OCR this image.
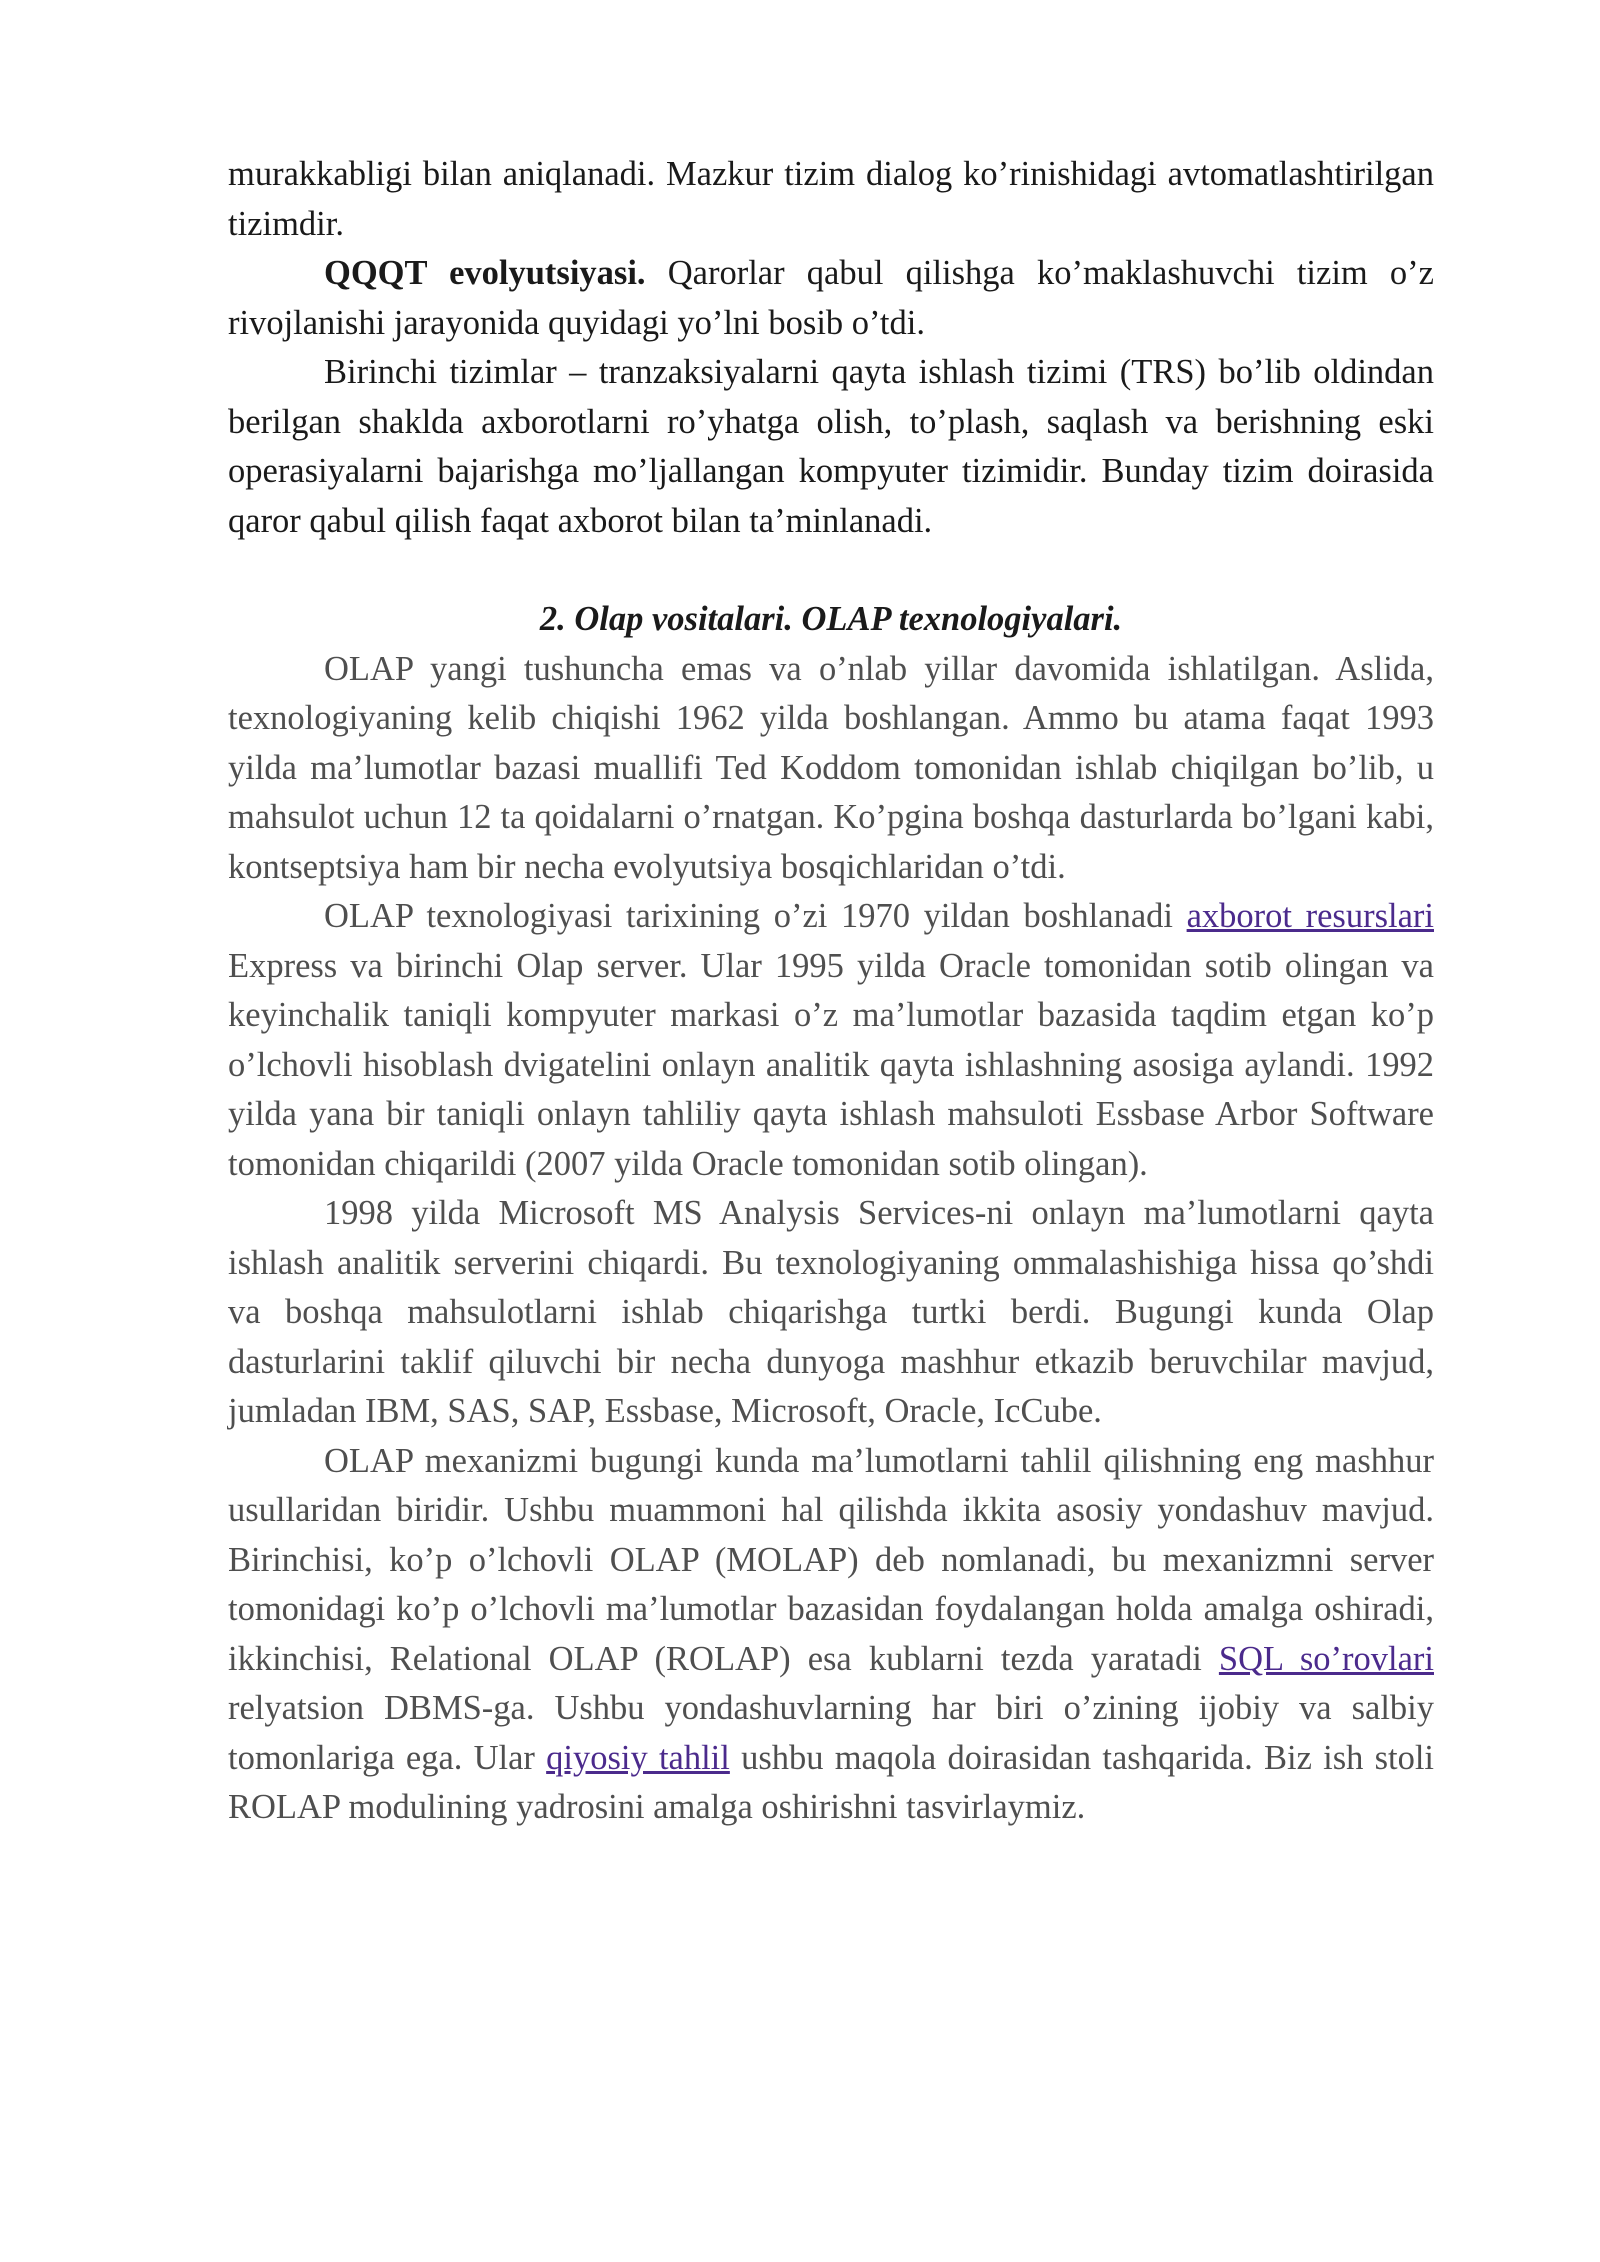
murakkabligi bilan aniqlanadi. Mazkur tizim dialog ko’rinishidagi avtomatlashtirilgan tizimdir.

QQQT evolyutsiyasi. Qarorlar qabul qilishga ko’maklashuvchi tizim o’z rivojlanishi jarayonida quyidagi yo’lni bosib o’tdi.

Birinchi tizimlar – tranzaksiyalarni qayta ishlash tizimi (TRS) bo’lib oldindan berilgan shaklda axborotlarni ro’yhatga olish, to’plash, saqlash va berishning eski operasiyalarni bajarishga mo’ljallangan kompyuter tizimidir. Bunday tizim doirasida qaror qabul qilish faqat axborot bilan ta’minlanadi.

2. Olap vositalari. OLAP texnologiyalari.

OLAP yangi tushuncha emas va o’nlab yillar davomida ishlatilgan. Aslida, texnologiyaning kelib chiqishi 1962 yilda boshlangan. Ammo bu atama faqat 1993 yilda ma’lumotlar bazasi muallifi Ted Koddom tomonidan ishlab chiqilgan bo’lib, u mahsulot uchun 12 ta qoidalarni o’rnatgan. Ko’pgina boshqa dasturlarda bo’lgani kabi, kontseptsiya ham bir necha evolyutsiya bosqichlaridan o’tdi.

OLAP texnologiyasi tarixining o’zi 1970 yildan boshlanadi axborot resurslari Express va birinchi Olap server. Ular 1995 yilda Oracle tomonidan sotib olingan va keyinchalik taniqli kompyuter markasi o’z ma’lumotlar bazasida taqdim etgan ko’p o’lchovli hisoblash dvigatelini onlayn analitik qayta ishlashning asosiga aylandi. 1992 yilda yana bir taniqli onlayn tahliliy qayta ishlash mahsuloti Essbase Arbor Software tomonidan chiqarildi (2007 yilda Oracle tomonidan sotib olingan).

1998 yilda Microsoft MS Analysis Services-ni onlayn ma’lumotlarni qayta ishlash analitik serverini chiqardi. Bu texnologiyaning ommalashishiga hissa qo’shdi va boshqa mahsulotlarni ishlab chiqarishga turtki berdi. Bugungi kunda Olap dasturlarini taklif qiluvchi bir necha dunyoga mashhur etkazib beruvchilar mavjud, jumladan IBM, SAS, SAP, Essbase, Microsoft, Oracle, IcCube.

OLAP mexanizmi bugungi kunda ma’lumotlarni tahlil qilishning eng mashhur usullaridan biridir. Ushbu muammoni hal qilishda ikkita asosiy yondashuv mavjud. Birinchisi, ko’p o’lchovli OLAP (MOLAP) deb nomlanadi, bu mexanizmni server tomonidagi ko’p o’lchovli ma’lumotlar bazasidan foydalangan holda amalga oshiradi, ikkinchisi, Relational OLAP (ROLAP) esa kublarni tezda yaratadi SQL so’rovlari relyatsion DBMS-ga. Ushbu yondashuvlarning har biri o’zining ijobiy va salbiy tomonlariga ega. Ular qiyosiy tahlil ushbu maqola doirasidan tashqarida. Biz ish stoli ROLAP modulining yadrosini amalga oshirishni tasvirlaymiz.
